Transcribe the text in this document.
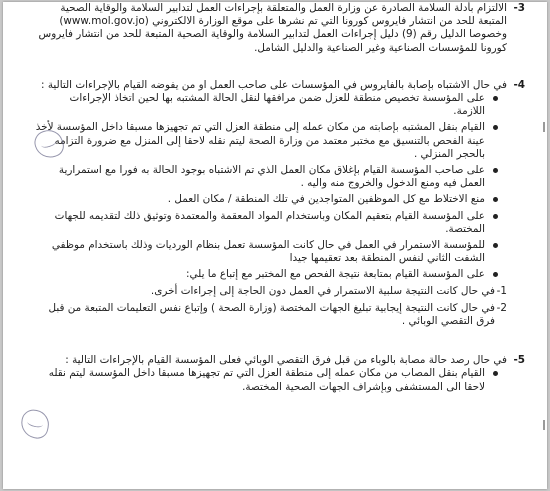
3-

الالتزام بأدلة السلامة الصادرة عن وزارة العمل والمتعلقة بإجراءات العمل لتدابير السلامة والوقاية الصحية المتبعة للحد من انتشار فايروس كورونا التي تم نشرها على موقع الوزارة الالكتروني (www.mol.gov.jo) وخصوصا الدليل رقم (9) دليل إجراءات العمل لتدابير السلامة والوقاية الصحية المتبعة للحد من انتشار فايروس كورونا للمؤسسات الصناعية وغير الصناعية والدليل الشامل.

4-

في حال الاشتباه بإصابة بالفايروس في المؤسسات على صاحب العمل او من يفوضه القيام بالإجراءات التالية :

على المؤسسة تخصيص منطقة للعزل ضمن مرافقها لنقل الحالة المشتبه بها لحين اتخاذ الإجراءات اللازمة.
القيام بنقل المشتبه بإصابته من مكان عمله إلى منطقة العزل التي تم تجهيزها مسبقا داخل المؤسسة لأخذ عينة الفحص بالتنسيق مع مختبر معتمد من وزارة الصحة ليتم نقله لاحقا إلى المنزل مع ضرورة التزامه بالحجر المنزلي .
على صاحب المؤسسة القيام بإغلاق مكان العمل الذي تم الاشتباه بوجود الحالة به فورا مع استمرارية العمل فيه ومنع الدخول والخروج منه واليه .
منع الاختلاط مع كل الموظفين المتواجدين في تلك المنطقة / مكان العمل .
على المؤسسة القيام بتعقيم المكان وباستخدام المواد المعقمة والمعتمدة وتوثيق ذلك لتقديمه للجهات المختصة.
للمؤسسة الاستمرار في العمل في حال كانت المؤسسة تعمل بنظام الورديات وذلك باستخدام موظفي الشفت الثاني لنفس المنطقة بعد تعقيمها جيدا
على المؤسسة القيام بمتابعة نتيجة الفحص مع المختبر مع إتباع ما يلي:
1-
في حال كانت النتيجة سلبية الاستمرار في العمل دون الحاجة إلى إجراءات أخرى.
2-
في حال كانت النتيجة إيجابية تبليغ الجهات المختصة (وزارة الصحة ) وإتباع نفس التعليمات المتبعة من قبل فرق التقصي الوبائي .
5-

في حال رصد حالة مصابة بالوباء من قبل فرق التقصي الوبائي فعلى المؤسسة القيام بالإجراءات التالية :

القيام بنقل المصاب من مكان عمله إلى منطقة العزل التي تم تجهيزها مسبقا داخل المؤسسة ليتم نقله لاحقا الى المستشفى وبإشراف الجهات الصحية المختصة.
